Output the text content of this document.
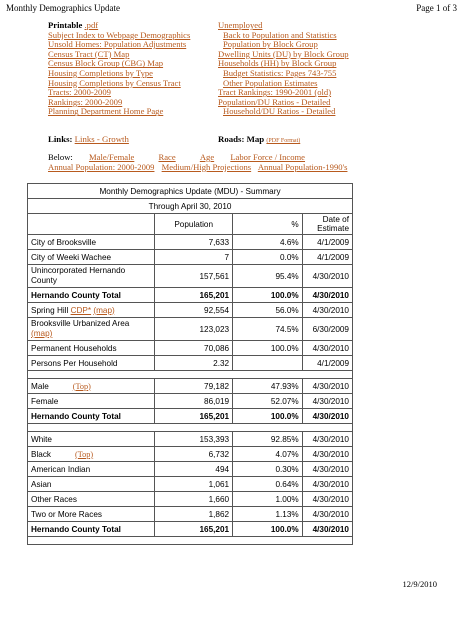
Monthly Demographics Update	Page 1 of 3
Printable .pdf
Subject Index to Webpage Demographics
Unsold Homes: Population Adjustments
Census Tract (CT) Map
Census Block Group (CBG) Map
Housing Completions by Type
Housing Completions by Census Tract
Tracts: 2000-2009
Rankings: 2000-2009
Planning Department Home Page
Unemployed
Back to Population and Statistics
Population by Block Group
Dwelling Units (DU) by Block Group
Households (HH) by Block Group
Budget Statistics: Pages 743-755
Other Population Estimates
Tract Rankings: 1990-2001 (old)
Population/DU Ratios - Detailed
Household/DU Ratios - Detailed
Links: Links - Growth	Roads: Map (PDF Format)
Below: Male/Female	Race	Age Labor Force / Income
Annual Population: 2000-2009 Medium/High Projections Annual Population-1990's
Monthly Demographics Update (MDU) - Summary			
Through April 30, 2010			
	Population	%	Date of Estimate
City of Brooksville	7,633	4.6%	4/1/2009
City of Weeki Wachee	7	0.0%	4/1/2009
Unincorporated Hernando County	157,561	95.4%	4/30/2010
Hernando County Total	165,201	100.0%	4/30/2010
Spring Hill CDP* (map)	92,554	56.0%	4/30/2010
Brooksville Urbanized Area
(map)	123,023	74.5%	6/30/2009
Permanent Households	70,086	100.0%	4/30/2010
Persons Per Household	2.32		4/1/2009

Male (Top)	79,182	47.93%	4/30/2010
Female	86,019	52.07%	4/30/2010
Hernando County Total	165,201	100.0%	4/30/2010

White	153,393	92.85%	4/30/2010
Black (Top)	6,732	4.07%	4/30/2010
American Indian	494	0.30%	4/30/2010
Asian	1,061	0.64%	4/30/2010
Other Races	1,660	1.00%	4/30/2010
Two or More Races	1,862	1.13%	4/30/2010
Hernando County Total	165,201	100.0%	4/30/2010

12/9/2010
